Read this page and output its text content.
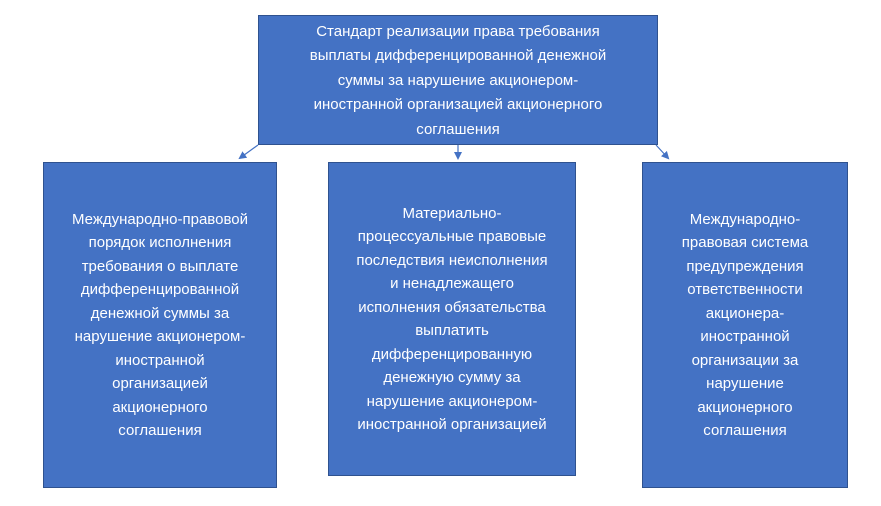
Стандарт реализации права требования
выплаты дифференцированной денежной
суммы за нарушение акционером-
иностранной организацией акционерного
соглашения
Международно-правовой
порядок исполнения
требования о выплате
дифференцированной
денежной суммы за
нарушение акционером-
иностранной
организацией
акционерного
соглашения
Материально-
процессуальные правовые
последствия неисполнения
и ненадлежащего
исполнения обязательства
выплатить
дифференцированную
денежную сумму за
нарушение акционером-
иностранной организацией
Международно-
правовая система
предупреждения
ответственности
акционера-
иностранной
организации за
нарушение
акционерного
соглашения
